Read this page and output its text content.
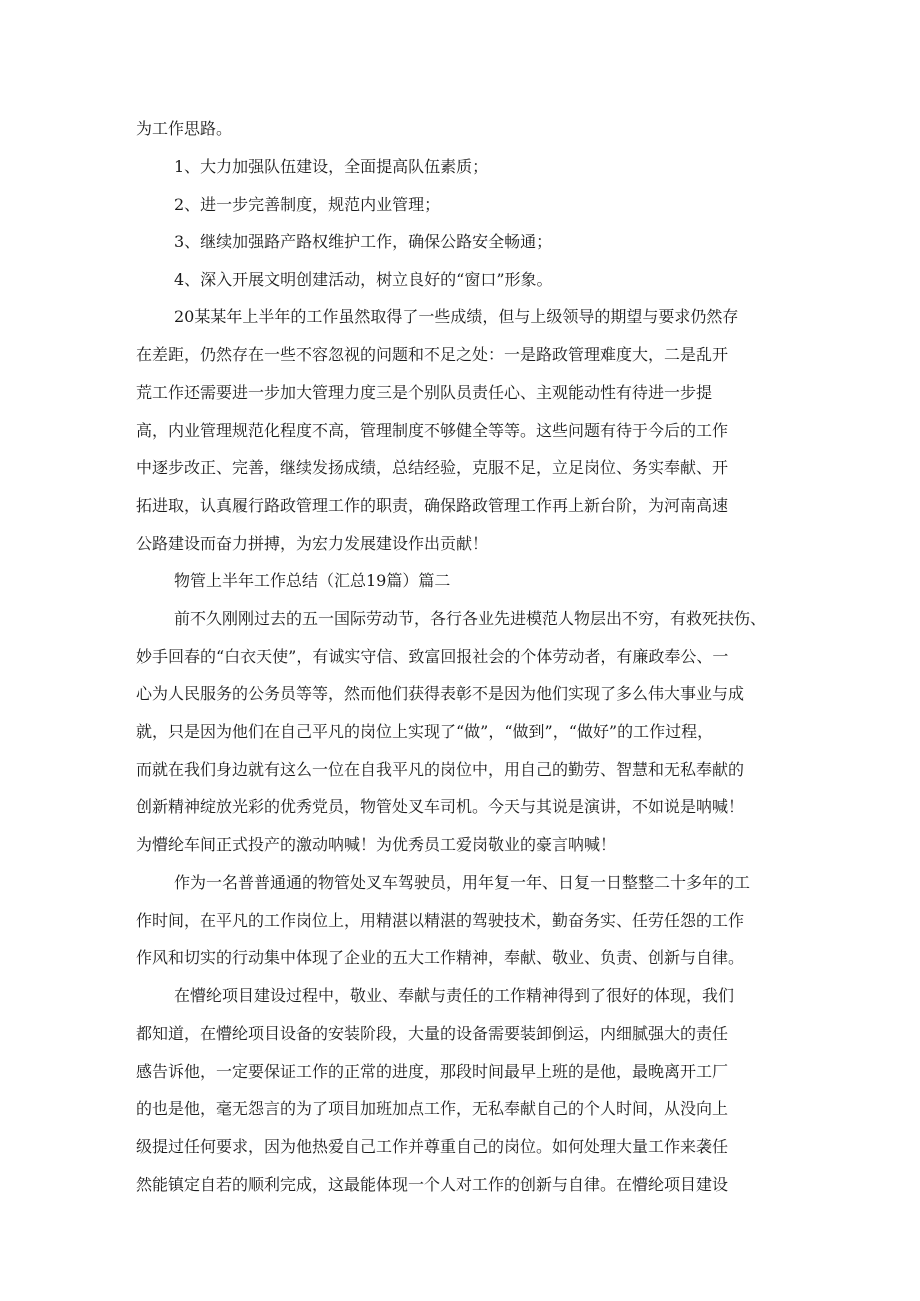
为工作思路。
1、大力加强队伍建设，全面提高队伍素质；
2、进一步完善制度，规范内业管理；
3、继续加强路产路权维护工作，确保公路安全畅通；
4、深入开展文明创建活动，树立良好的“窗口”形象。
20某某年上半年的工作虽然取得了一些成绩，但与上级领导的期望与要求仍然存
在差距，仍然存在一些不容忽视的问题和不足之处：一是路政管理难度大，二是乱开
荒工作还需要进一步加大管理力度三是个别队员责任心、主观能动性有待进一步提
高，内业管理规范化程度不高，管理制度不够健全等等。这些问题有待于今后的工作
中逐步改正、完善，继续发扬成绩，总结经验，克服不足，立足岗位、务实奉献、开
拓进取，认真履行路政管理工作的职责，确保路政管理工作再上新台阶，为河南高速
公路建设而奋力拼搏，为宏力发展建设作出贡献！
物管上半年工作总结（汇总19篇）篇二
前不久刚刚过去的五一国际劳动节，各行各业先进模范人物层出不穷，有救死扶伤、
妙手回春的“白衣天使”，有诚实守信、致富回报社会的个体劳动者，有廉政奉公、一
心为人民服务的公务员等等，然而他们获得表彰不是因为他们实现了多么伟大事业与成
就，只是因为他们在自己平凡的岗位上实现了“做”，“做到”，“做好”的工作过程，
而就在我们身边就有这么一位在自我平凡的岗位中，用自己的勤劳、智慧和无私奉献的
创新精神绽放光彩的优秀党员，物管处叉车司机。今天与其说是演讲，不如说是呐喊！
为懵纶车间正式投产的激动呐喊！为优秀员工爱岗敬业的豪言呐喊！
作为一名普普通通的物管处叉车驾驶员，用年复一年、日复一日整整二十多年的工
作时间，在平凡的工作岗位上，用精湛以精湛的驾驶技术，勤奋务实、任劳任怨的工作
作风和切实的行动集中体现了企业的五大工作精神，奉献、敬业、负责、创新与自律。
在懵纶项目建设过程中，敬业、奉献与责任的工作精神得到了很好的体现，我们
都知道，在懵纶项目设备的安装阶段，大量的设备需要装卸倒运，内细腻强大的责任
感告诉他，一定要保证工作的正常的进度，那段时间最早上班的是他，最晚离开工厂
的也是他，毫无怨言的为了项目加班加点工作，无私奉献自己的个人时间，从没向上
级提过任何要求，因为他热爱自己工作并尊重自己的岗位。如何处理大量工作来袭任
然能镇定自若的顺利完成，这最能体现一个人对工作的创新与自律。在懵纶项目建设
